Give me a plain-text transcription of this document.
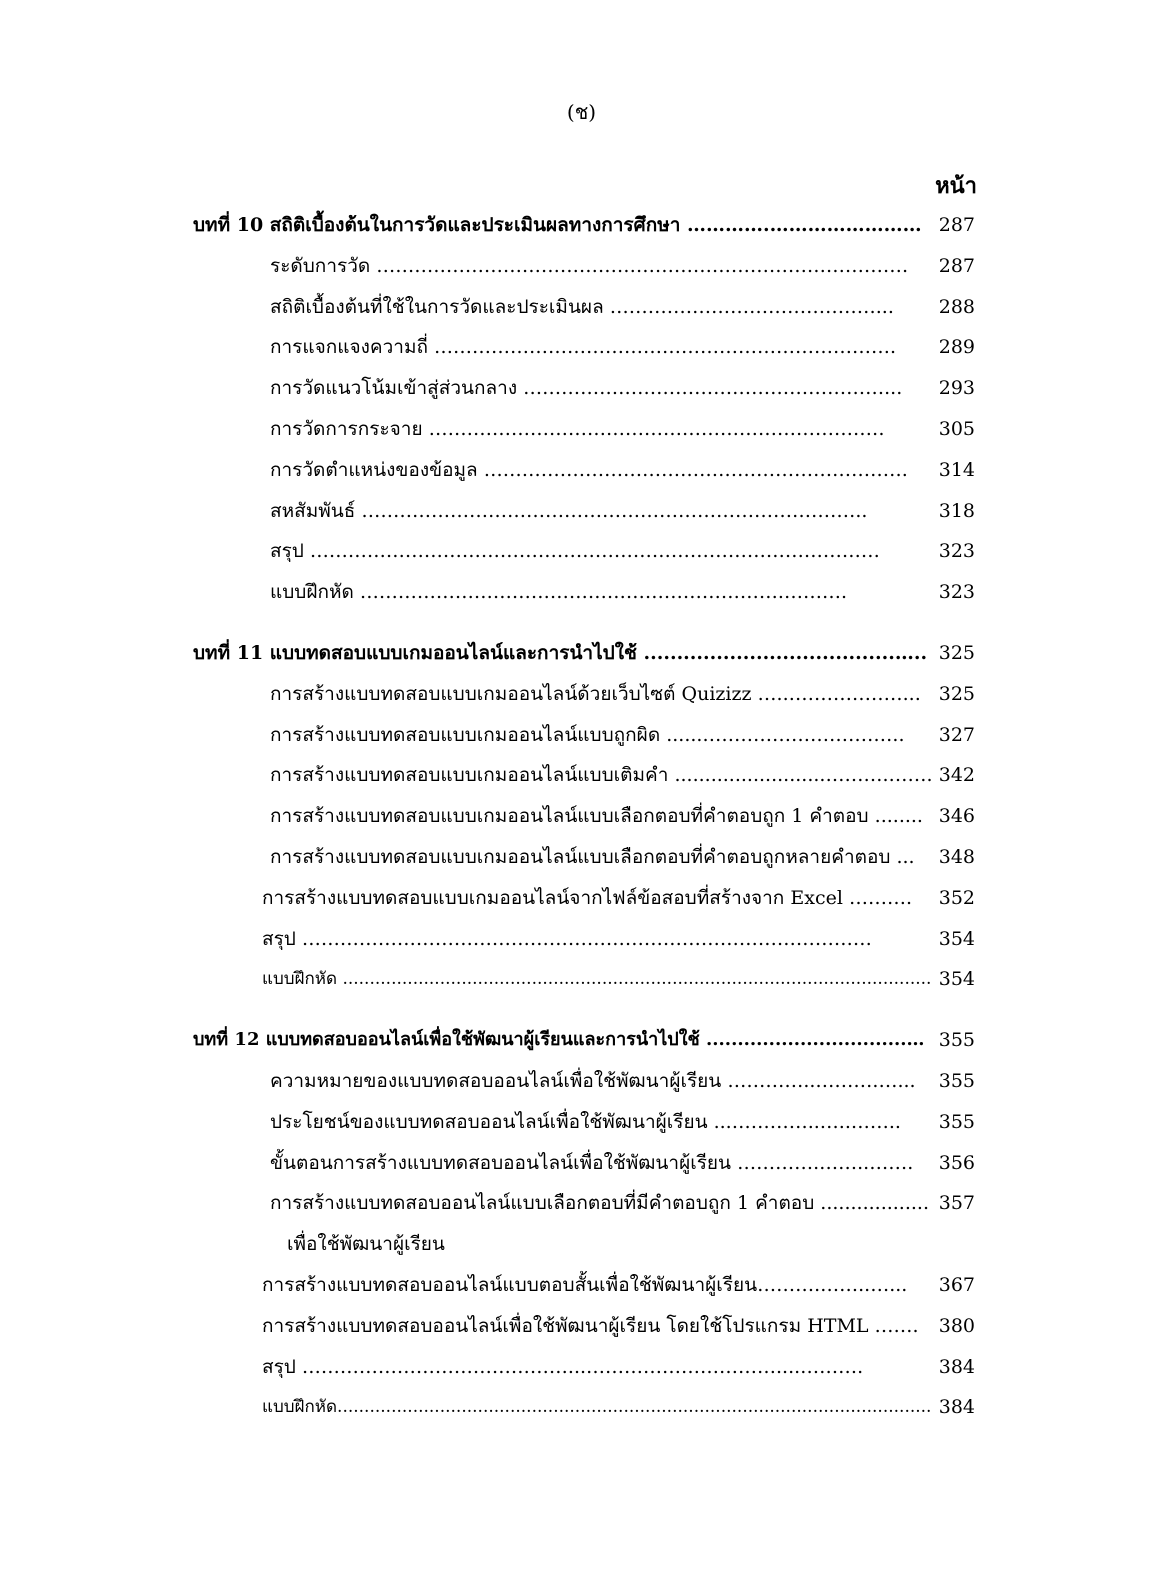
(ช)
หน้า
บทที่ 10 สถิติเบื้องต้นในการวัดและประเมินผลทางการศึกษา ………….…………………… 287
ระดับการวัด ………………………………………………………………………… 287
สถิติเบื้องต้นที่ใช้ในการวัดและประเมินผล ……………………………………... 288
การแจกแจงความถี่ ………………………………………………………………. 289
การวัดแนวโน้มเข้าสู่ส่วนกลาง …………………………………………………... 293
การวัดการกระจาย ………………………………………………………………	305
การวัดตำแหน่งของข้อมูล …………………………………………………………. 314
สหสัมพันธ์ ……………………………………………………………………..	318
สรุป ………………………………………………………………………………	323
แบบฝึกหัด ………………………………………………………….……….	323
บทที่ 11 แบบทดสอบแบบเกมออนไลน์และการนำไปใช้ ......................................….. 325
การสร้างแบบทดสอบแบบเกมออนไลน์ด้วยเว็บไซต์ Quizizz …..………………... 325
การสร้างแบบทดสอบแบบเกมออนไลน์แบบถูกผิด ......………………………….. 327
การสร้างแบบทดสอบแบบเกมออนไลน์แบบเติมคำ .........................……….……. 342
การสร้างแบบทดสอบแบบเกมออนไลน์แบบเลือกตอบที่คำตอบถูก 1 คำตอบ ........ 346
การสร้างแบบทดสอบแบบเกมออนไลน์แบบเลือกตอบที่คำตอบถูกหลายคำตอบ ... 348
การสร้างแบบทดสอบแบบเกมออนไลน์จากไฟล์ข้อสอบที่สร้างจาก Excel ………. 352
สรุป ………………………………………………………………………………	354
แบบฝึกหัด ............................................................................................................. 354
บทที่ 12 แบบทดสอบออนไลน์เพื่อใช้พัฒนาผู้เรียนและการนำไปใช้ ................................… 355
ความหมายของแบบทดสอบออนไลน์เพื่อใช้พัฒนาผู้เรียน …………..……….…... 355
ประโยชน์ของแบบทดสอบออนไลน์เพื่อใช้พัฒนาผู้เรียน ...…………..…..…….. 355
ขั้นตอนการสร้างแบบทดสอบออนไลน์เพื่อใช้พัฒนาผู้เรียน ………….……..……. 356
การสร้างแบบทดสอบออนไลน์แบบเลือกตอบที่มีคำตอบถูก 1 คำตอบ .................. 357
เพื่อใช้พัฒนาผู้เรียน
การสร้างแบบทดสอบออนไลน์แบบตอบสั้นเพื่อใช้พัฒนาผู้เรียน……….……..…... 367
การสร้างแบบทดสอบออนไลน์เพื่อใช้พัฒนาผู้เรียน โดยใช้โปรแกรม HTML ……. 380
สรุป ……………………………………...…………………………....……….	384
แบบฝึกหัด.............................................................................................................. 384
